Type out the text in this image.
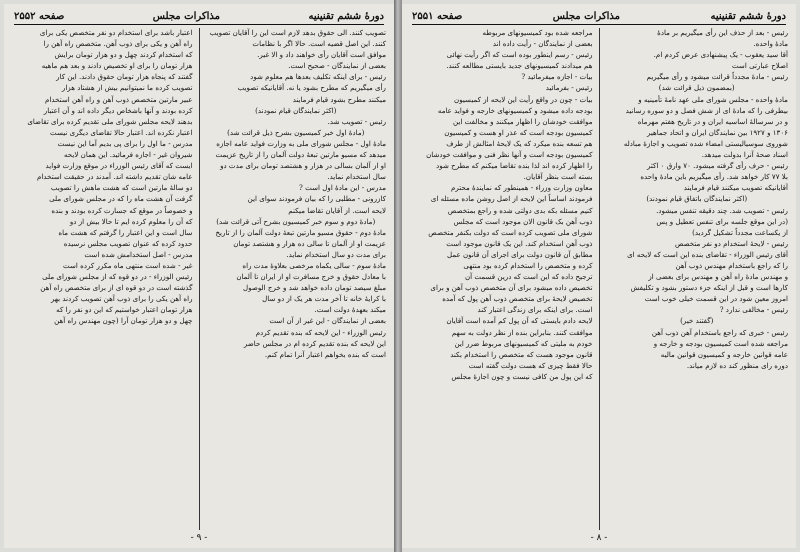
دورهٔ ششم تقنینیه
مذاکرات مجلس
صفحه ۲۵۵۲

تصویب کنند. الی حقوق بدهد لازم است این را آقایان تصویب

کنند. این اصل قضیه است. حالا اگر با نظامات

موافق است آقایان رأی خواهند داد و الا غیر.

بعضی از نمایندگان - صحیح است.

رئیس - برای اینکه تکلیف بعدها هم معلوم شود

رأی میگیریم که مطرح بشود یا نه. آقایانیکه تصویب

میکنند مطرح بشود قیام فرمایند

(اکثر نمایندگان قیام نمودند)

رئیس - تصویب شد.

(مادهٔ اول خبر کمیسیون بشرح ذیل قرائت شد)

مادهٔ اول - مجلس شورای ملی به وزارت فواید عامه اجازه

میدهد که مسیو مارتین تبعهٔ دولت آلمان را از تاریخ عزیمت

او از آلمان بسالی در هزار و هشتصد تومان برای مدت دو

سال استخدام نماید.

مدرس - این مادهٔ اول است ?

کازرونی - مطلبی را که بیان فرمودند سوای این

لایحه است. از آقایان تقاضا میکنم

(مادهٔ دوم و سوم خبر کمیسیون بشرح آتی قرائت شد)

مادهٔ دوم - حقوق مسیو مارتین تبعهٔ دولت آلمان را از تاریخ

عزیمت او از آلمان تا سالی ده هزار و هشتصد تومان

برای مدت دو سال استخدام نماید.

مادهٔ سوم - سالی یکماه مرخصی بعلاوهٔ مدت راه

با معادل حقوق و خرج مسافرت او از ایران تا آلمان

مبلغ سیصد تومان داده خواهد شد و خرج الوصول

با کرایهٔ خانه تا آخر مدت هر یک از دو سال

میکند بعهدهٔ دولت است.

بعضی از نمایندگان - این غیر از آن است

رئیس الوزراء - این لایحه که بنده تقدیم کردم

این لایحه که بنده تقدیم کرده ام در مجلس حاضر

است که بنده بخواهم اعتبار آنرا تمام کنم.

اعتبار باشد برای استخدام دو نفر متخصص یکی برای

راه آهن و یکی برای ذوب آهن. متخصص راه آهن را

که استخدام کردند چهل و دو هزار تومان برایش

هزار تومان را برای او تخصیص دادند و بعد هم ماهیه

گفتند که پنجاه هزار تومان حقوق دادند. این کار

تصویب کرده ما نمیتوانیم بیش از هشتاد هزار

عبیر مارتین متخصص ذوب آهن و راه آهن استخدام

کرده بودند و آنها باشخاص دیگر داده اند و آن اعتبار

بدهند لایحه مجلس شورای ملی تقدیم کرده برای تقاضای

اعتبار نکرده اند. اعتبار حالا تقاضای دیگری نیست

مدرس - ما اول را برای پی بدیم آما این نیست

شیروان غیر - اجازه فرمائید. این همان لایحه

ایست که آقای رئیس الوزراء در موقع وزارت فواید

عامه شان تقدیم داشته اند. آمدند در حقیقت استخدام

دو سالهٔ مارتین است که هشت ماهش را تصویب

گرفت آن هشت ماه را که در مجلس شورای ملی

و خصوصاً در موقع که جسارت کرده بودند و بنده

که آن را معلوم کرده ایم تا حالا بیش از دو

سال است و این اعتبار را گرفتم که هشت ماه

حدود کرده که عنوان تصویب مجلس نرسیده

مدرس - اصل استخدامش شده است

غیر - شده است منتهی ماه مکرر کرده است

رئیس الوزراء - در دو قوه که از مجلس شورای ملی

گذشته است در دو قوه ای از برای متخصص راه آهن

راه آهن یکی را برای ذوب آهن تصویب کردند بهر

هزار تومان اعتبار خواستیم که این دو نفر را که

چهل و دو هزار تومان آرا (چون مهندس راه آهن

- ۹ -
دورهٔ ششم تقنینیه
مذاکرات مجلس
صفحه ۲۵۵۱

رئیس - بعد از حذف این رأی میگیریم بر مادهٔ

مادهٔ واحده.

آقا سید یعقوب - یک پیشنهادی عرض کردم ام.

اصلاح عبارتی است

رئیس - مادهٔ مجدداً قرائت میشود و رأی میگیریم

(بمضمون ذیل قرائت شد)

مادهٔ واحده - مجلس شورای ملی عهد نامهٔ تأمینیه و

بیطرفی را که مادهٔ ای از شش فصل و دو سوره رسانید

و در سرسالهٔ اساسیه ایران و در تاریخ هفتم مهرماه

۱۳۰۶ و ۱۹۲۷ بین نمایندگان ایران و اتحاد جماهیر

شوروی سوسیالیستی امضاء شده تصویب و اجازهٔ مبادله

اسناد صحهٔ آنرا بدولت میدهد.

رئیس - حرف رأی گرفته میشود. ۷۰ وارق ۰ اکثر

بلا ۷۷ کار خواهد شد. رأی میگیریم باین مادهٔ واحده

آقایانیکه تصویب میکنند قیام فرمایند

(اکثر نمایندگان باتفاق قیام نمودند)

رئیس - تصویب شد. چند دقیقه تنفس میشود.

(در این موقع جلسه برای تنفس تعطیل و پس

از یکساعت مجدداً تشکیل گردید)

رئیس - لایحهٔ استخدام دو نفر متخصص

آقای رئیس الوزراء - تقاضای بنده این است که لایحه ای

را که راجع باستخدام مهندس ذوب آهن

و مهندس مادهٔ راه آهن و مهندس برای بعضی از

کارها است و قبل از اینکه جزء دستور بشود و تکلیفش

امروز معین شود در این قسمت خیلی خوب است

رئیس - مخالفی ندارد ?

(گفتند خیر)

رئیس - خبری که راجع باستخدام آهن ذوب آهن

مراجعه شده است کمیسیون بودجه و خارجه و

عامه قوانین خارجه و کمیسیون قوانین مالیه

دوره رای منظور کند ده لازم میاند.

مراجعه شده بود کمیسیونهای مربوطه

بعضی از نمایندگان - رأیت داده اند

رئیس - رسم اینطور بوده است که اگر رأیت نهائی

هم میدادند کمیسیونهای جدید بایستی مطالعه کنند.

بیات - اجازه میفرمائید ?

رئیس - بفرمائید

بیات - چون در واقع رأیت این لایحه از کمیسیون

بودجه داده میشود و کمیسیونهای خارجه و فواید عامه

موافقت خودشان را اظهار میکنند و مخالفت این

کمیسیون بودجه است که عذر او هست و کمیسیون

هم تسعه بنده میکرد که یک لایحهٔ امثالش از طرف

کمیسیون بودجه است و آنها نظر فنی و موافقت خودشان

را اظهار کرده اند لذا بنده تقاضا میکنم که مطرح شود

بسته است بنظر آقایان.

معاون وزارت وزراء - همینطور که نمایندهٔ محترم

فرمودند اساساً این لایحه از اصل روشن ماده مسئله ای

کنیم مسئله بکه بدی دولتی شده و راجع بمتخصص

ذوب آهن بک قانون الان موجود است که مجلس

شورای ملی تصویب کرده است که دولت بکنفر متخصص

ذوب آهن استخدام کند. این یک قانون موجود است

مطابق آن قانون دولت برای اجرای آن قانون عمل

کرده و متخصص را استخدام کرده بود منتهی

ترجیح داده که این است که درین قسمت آن

تخصیص داده میشود برای آن متخصص ذوب آهن و برای

تخصیص لایحهٔ برای متخصص ذوب آهن پول که آمده

است. برای اینکه برای زندگی اعتبار کند

لایحه دادم بایستی که آن پول کم آمده است آقایان

موافقت کنند. بنابراین بنده از نظر دولت به سهم

خودم به ملیتی که کمیسیونهای مربوط ضرر این

قانون موجود هست که متخصص را استخدام بکند

حالا فقط چیزی که هست دولت گفته است

که این پول من کافی نیست و چون اجازهٔ مجلس

- ۸ -
